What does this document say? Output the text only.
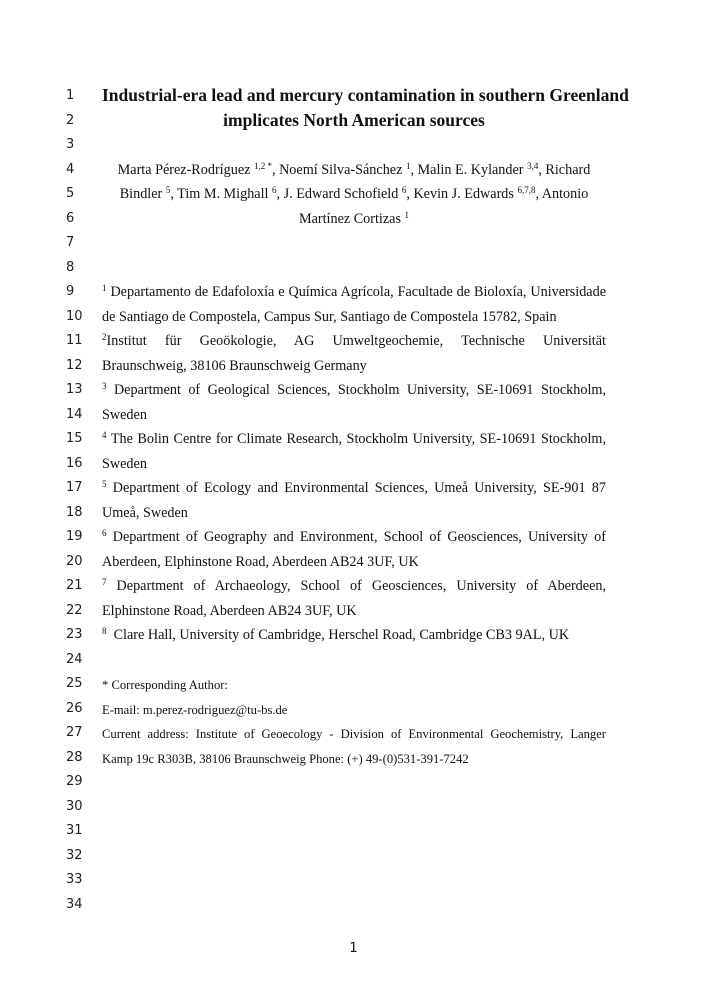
1
2
3
4
5
6
7
8
9
10
11
12
13
14
15
16
17
18
19
20
21
22
23
24
25
26
27
28
29
30
31
32
33
34
Industrial-era lead and mercury contamination in southern Greenland
implicates North American sources
Marta Pérez-Rodríguez $^{1,2 *}$, Noemí Silva-Sánchez $^1$, Malin E. Kylander $^{3,4}$, Richard
Bindler $^5$, Tim M. Mighall $^6$, J. Edward Schofield $^6$, Kevin J. Edwards $^{6,7,8}$, Antonio
Martínez Cortizas $^1$
$^1$ Departamento de Edafoloxía e Química Agrícola, Facultade de Bioloxía, Universidade
de Santiago de Compostela, Campus Sur, Santiago de Compostela 15782, Spain
$^2$Institut für Geoökologie, AG Umweltgeochemie, Technische Universität
Braunschweig, 38106 Braunschweig Germany
$^3$ Department of Geological Sciences, Stockholm University, SE-10691 Stockholm,
Sweden
$^4$ The Bolin Centre for Climate Research, Stockholm University, SE-10691 Stockholm,
Sweden
$^5$ Department of Ecology and Environmental Sciences, Umeå University, SE-901 87
Umeå, Sweden
$^6$ Department of Geography and Environment, School of Geosciences, University of
Aberdeen, Elphinstone Road, Aberdeen AB24 3UF, UK
$^7$ Department of Archaeology, School of Geosciences, University of Aberdeen,
Elphinstone Road, Aberdeen AB24 3UF, UK
$^8$ Clare Hall, University of Cambridge, Herschel Road, Cambridge CB3 9AL, UK
* Corresponding Author:
E-mail: m.perez-rodriguez@tu-bs.de
Current address: Institute of Geoecology - Division of Environmental Geochemistry, Langer
Kamp 19c R303B, 38106 Braunschweig Phone: (+) 49-(0)531-391-7242
1
